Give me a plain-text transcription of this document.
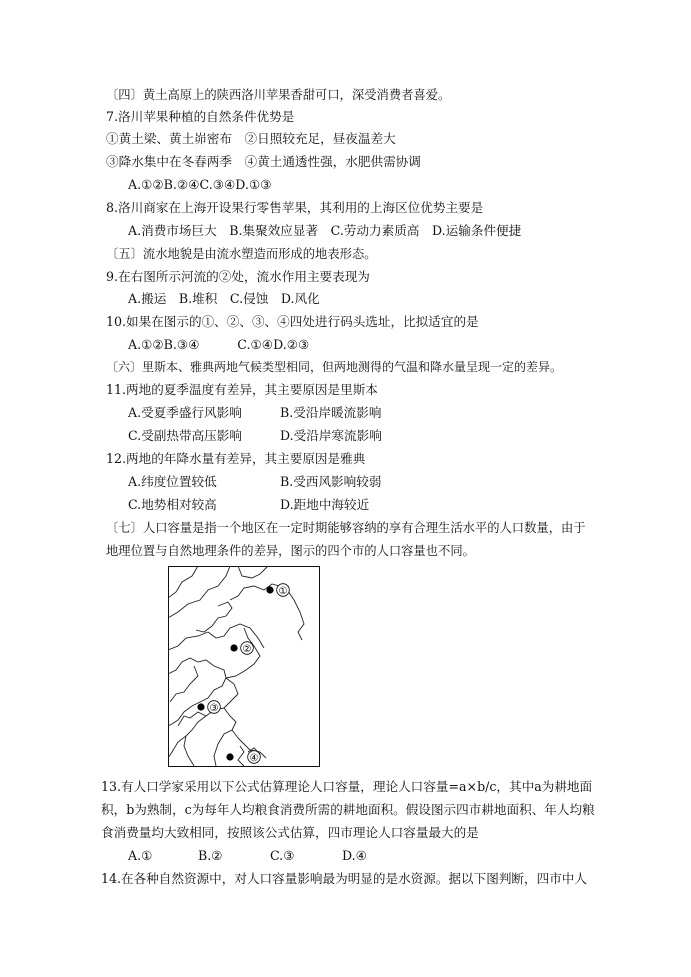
〔四〕黄土高原上的陕西洛川苹果香甜可口，深受消费者喜爱。
7.洛川苹果种植的自然条件优势是
①黄土梁、黄土峁密布　②日照较充足，昼夜温差大
③降水集中在冬春两季　④黄土通透性强，水肥供需协调
A.①②B.②④C.③④D.①③
8.洛川商家在上海开设果行零售苹果，其利用的上海区位优势主要是
A.消费市场巨大　B.集聚效应显著　C.劳动力素质高　D.运输条件便捷
〔五〕流水地貌是由流水塑造而形成的地表形态。
9.在右图所示河流的②处，流水作用主要表现为
A.搬运　B.堆积　C.侵蚀　D.风化
10.如果在图示的①、②、③、④四处进行码头选址，比拟适宜的是
A.①②B.③④　　　C.①④D.②③
〔六〕里斯本、雅典两地气候类型相同，但两地测得的气温和降水量呈现一定的差异。
11.两地的夏季温度有差异，其主要原因是里斯本
A.受夏季盛行风影响	B.受沿岸暖流影响
C.受副热带高压影响	D.受沿岸寒流影响
12.两地的年降水量有差异，其主要原因是雅典
A.纬度位置较低	B.受西风影响较弱
C.地势相对较高	D.距地中海较近
〔七〕人口容量是指一个地区在一定时期能够容纳的享有合理生活水平的人口数量，由于
地理位置与自然地理条件的差异，图示的四个市的人口容量也不同。
①
②
③
④
13.有人口学家采用以下公式估算理论人口容量，理论人口容量=a×b/c，其中a为耕地面
积，b为熟制，c为每年人均粮食消费所需的耕地面积。假设图示四市耕地面积、年人均粮
食消费量均大致相同，按照该公式估算，四市理论人口容量最大的是
A.①	B.②	C.③	D.④
14.在各种自然资源中，对人口容量影响最为明显的是水资源。据以下图判断，四市中人
